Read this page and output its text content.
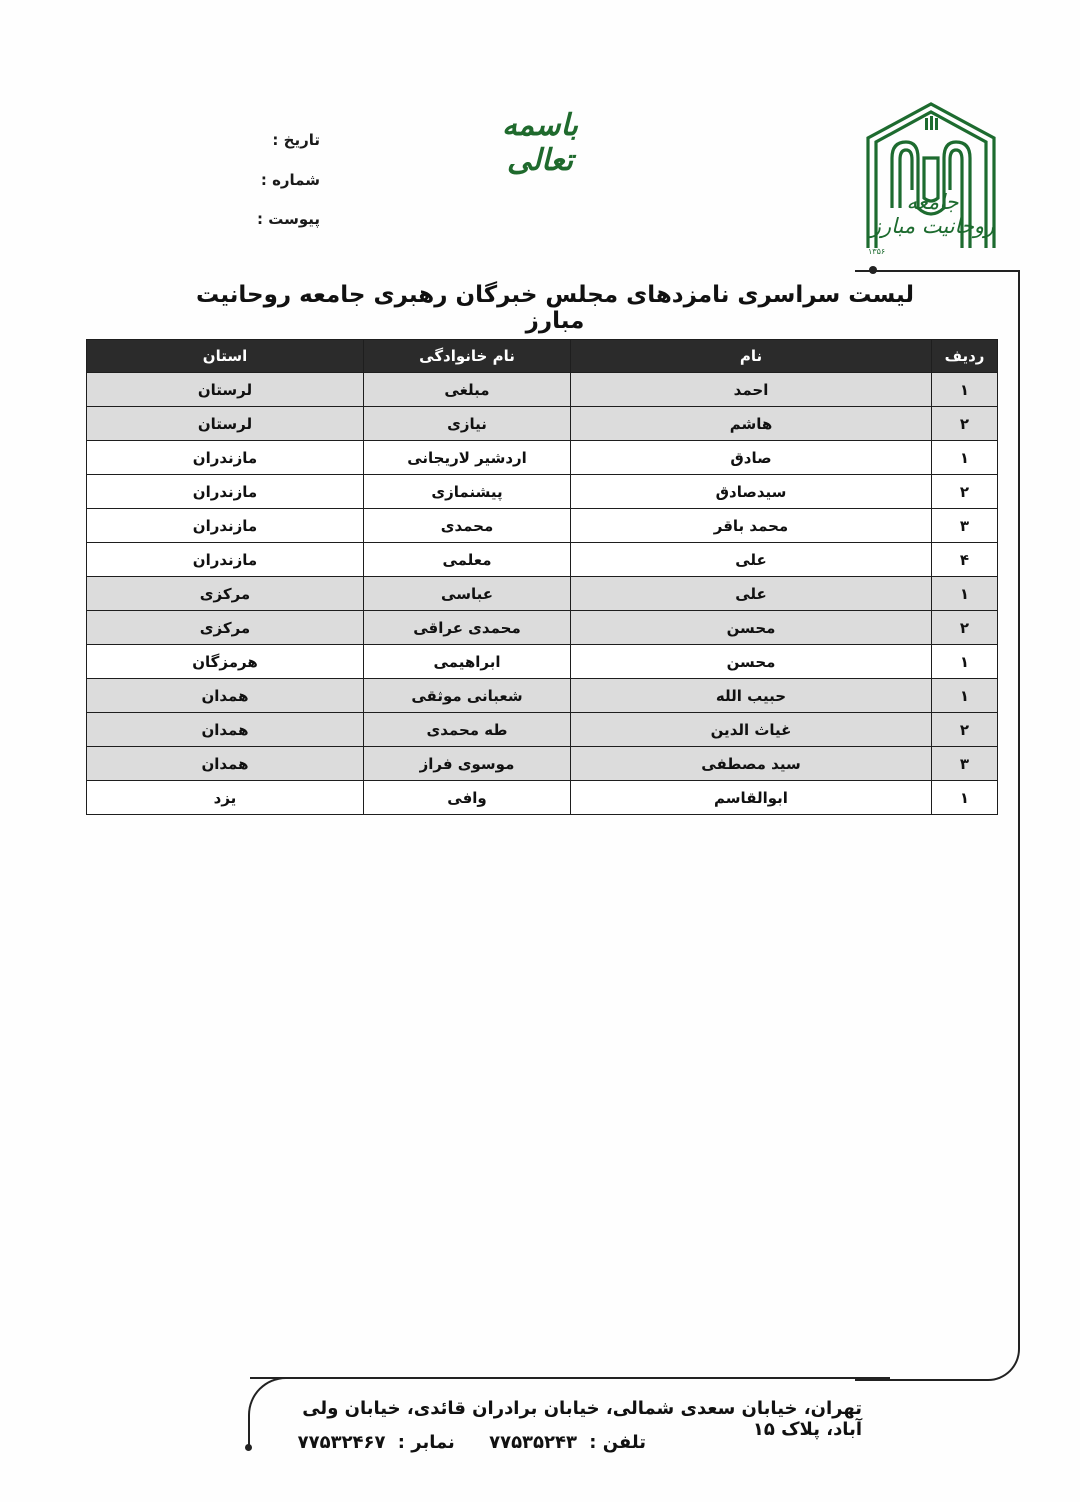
جامعه روحانیت مبارز
۱۳۵۶
باسمه تعالی
تاریخ :
شماره :
پیوست :
لیست سراسری نامزدهای مجلس خبرگان رهبری جامعه روحانیت مبارز
ردیف	نام	نام خانوادگی	استان
۱	احمد	مبلغی	لرستان
۲	هاشم	نیازی	لرستان
۱	صادق	اردشیر لاریجانی	مازندران
۲	سیدصادق	پیشنمازی	مازندران
۳	محمد باقر	محمدی	مازندران
۴	علی	معلمی	مازندران
۱	علی	عباسی	مرکزی
۲	محسن	محمدی عراقی	مرکزی
۱	محسن	ابراهیمی	هرمزگان
۱	حبیب الله	شعبانی موثقی	همدان
۲	غیاث الدین	طه محمدی	همدان
۳	سید مصطفی	موسوی فراز	همدان
۱	ابوالقاسم	وافی	یزد
تهران، خیابان سعدی شمالی، خیابان برادران قائدی، خیابان ولی آباد، پلاک ۱۵
تلفن : ۷۷۵۳۵۲۴۳ نمابر : ۷۷۵۳۲۴۶۷
